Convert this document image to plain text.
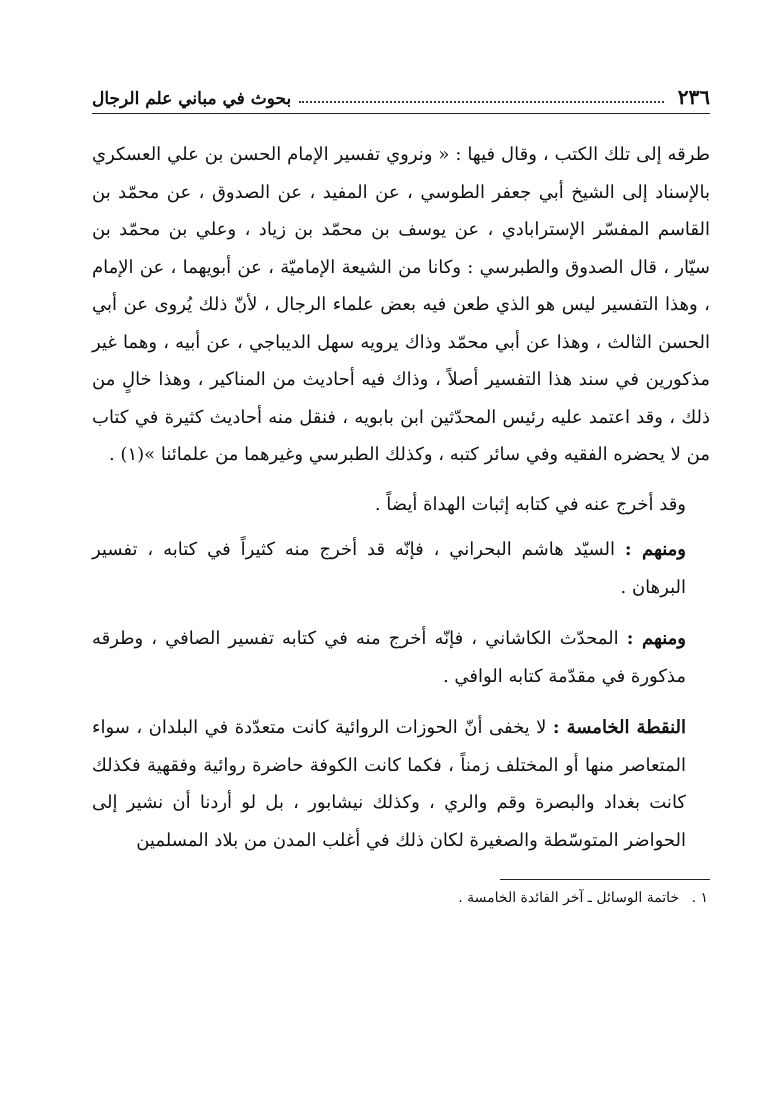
٢٣٦
بحوث في مباني علم الرجال

طرقه إلى تلك الكتب ، وقال فيها : « ونروي تفسير الإمام الحسن بن علي العسكري بالإسناد إلى الشيخ أبي جعفر الطوسي ، عن المفيد ، عن الصدوق ، عن محمّد بن القاسم المفسّر الإسترابادي ، عن يوسف بن محمّد بن زياد ، وعلي بن محمّد بن سيّار ، قال الصدوق والطبرسي : وكانا من الشيعة الإماميّة ، عن أبويهما ، عن الإمام ، وهذا التفسير ليس هو الذي طعن فيه بعض علماء الرجال ، لأنّ ذلك يُروى عن أبي الحسن الثالث ، وهذا عن أبي محمّد وذاك يرويه سهل الديباجي ، عن أبيه ، وهما غير مذكورين في سند هذا التفسير أصلاً ، وذاك فيه أحاديث من المناكير ، وهذا خالٍ من ذلك ، وقد اعتمد عليه رئيس المحدّثين ابن بابويه ، فنقل منه أحاديث كثيرة في كتاب من لا يحضره الفقيه وفي سائر كتبه ، وكذلك الطبرسي وغيرهما من علمائنا »(١) .

وقد أخرج عنه في كتابه إثبات الهداة أيضاً .

ومنهم : السيّد هاشم البحراني ، فإنّه قد أخرج منه كثيراً في كتابه ، تفسير البرهان .

ومنهم : المحدّث الكاشاني ، فإنّه أخرج منه في كتابه تفسير الصافي ، وطرقه مذكورة في مقدّمة كتابه الوافي .

النقطة الخامسة : لا يخفى أنّ الحوزات الروائية كانت متعدّدة في البلدان ، سواء المتعاصر منها أو المختلف زمناً ، فكما كانت الكوفة حاضرة روائية وفقهية فكذلك كانت بغداد والبصرة وقم والري ، وكذلك نيشابور ، بل لو أردنا أن نشير إلى الحواضر المتوسّطة والصغيرة لكان ذلك في أغلب المدن من بلاد المسلمين

١ . خاتمة الوسائل ـ آخر الفائدة الخامسة .
